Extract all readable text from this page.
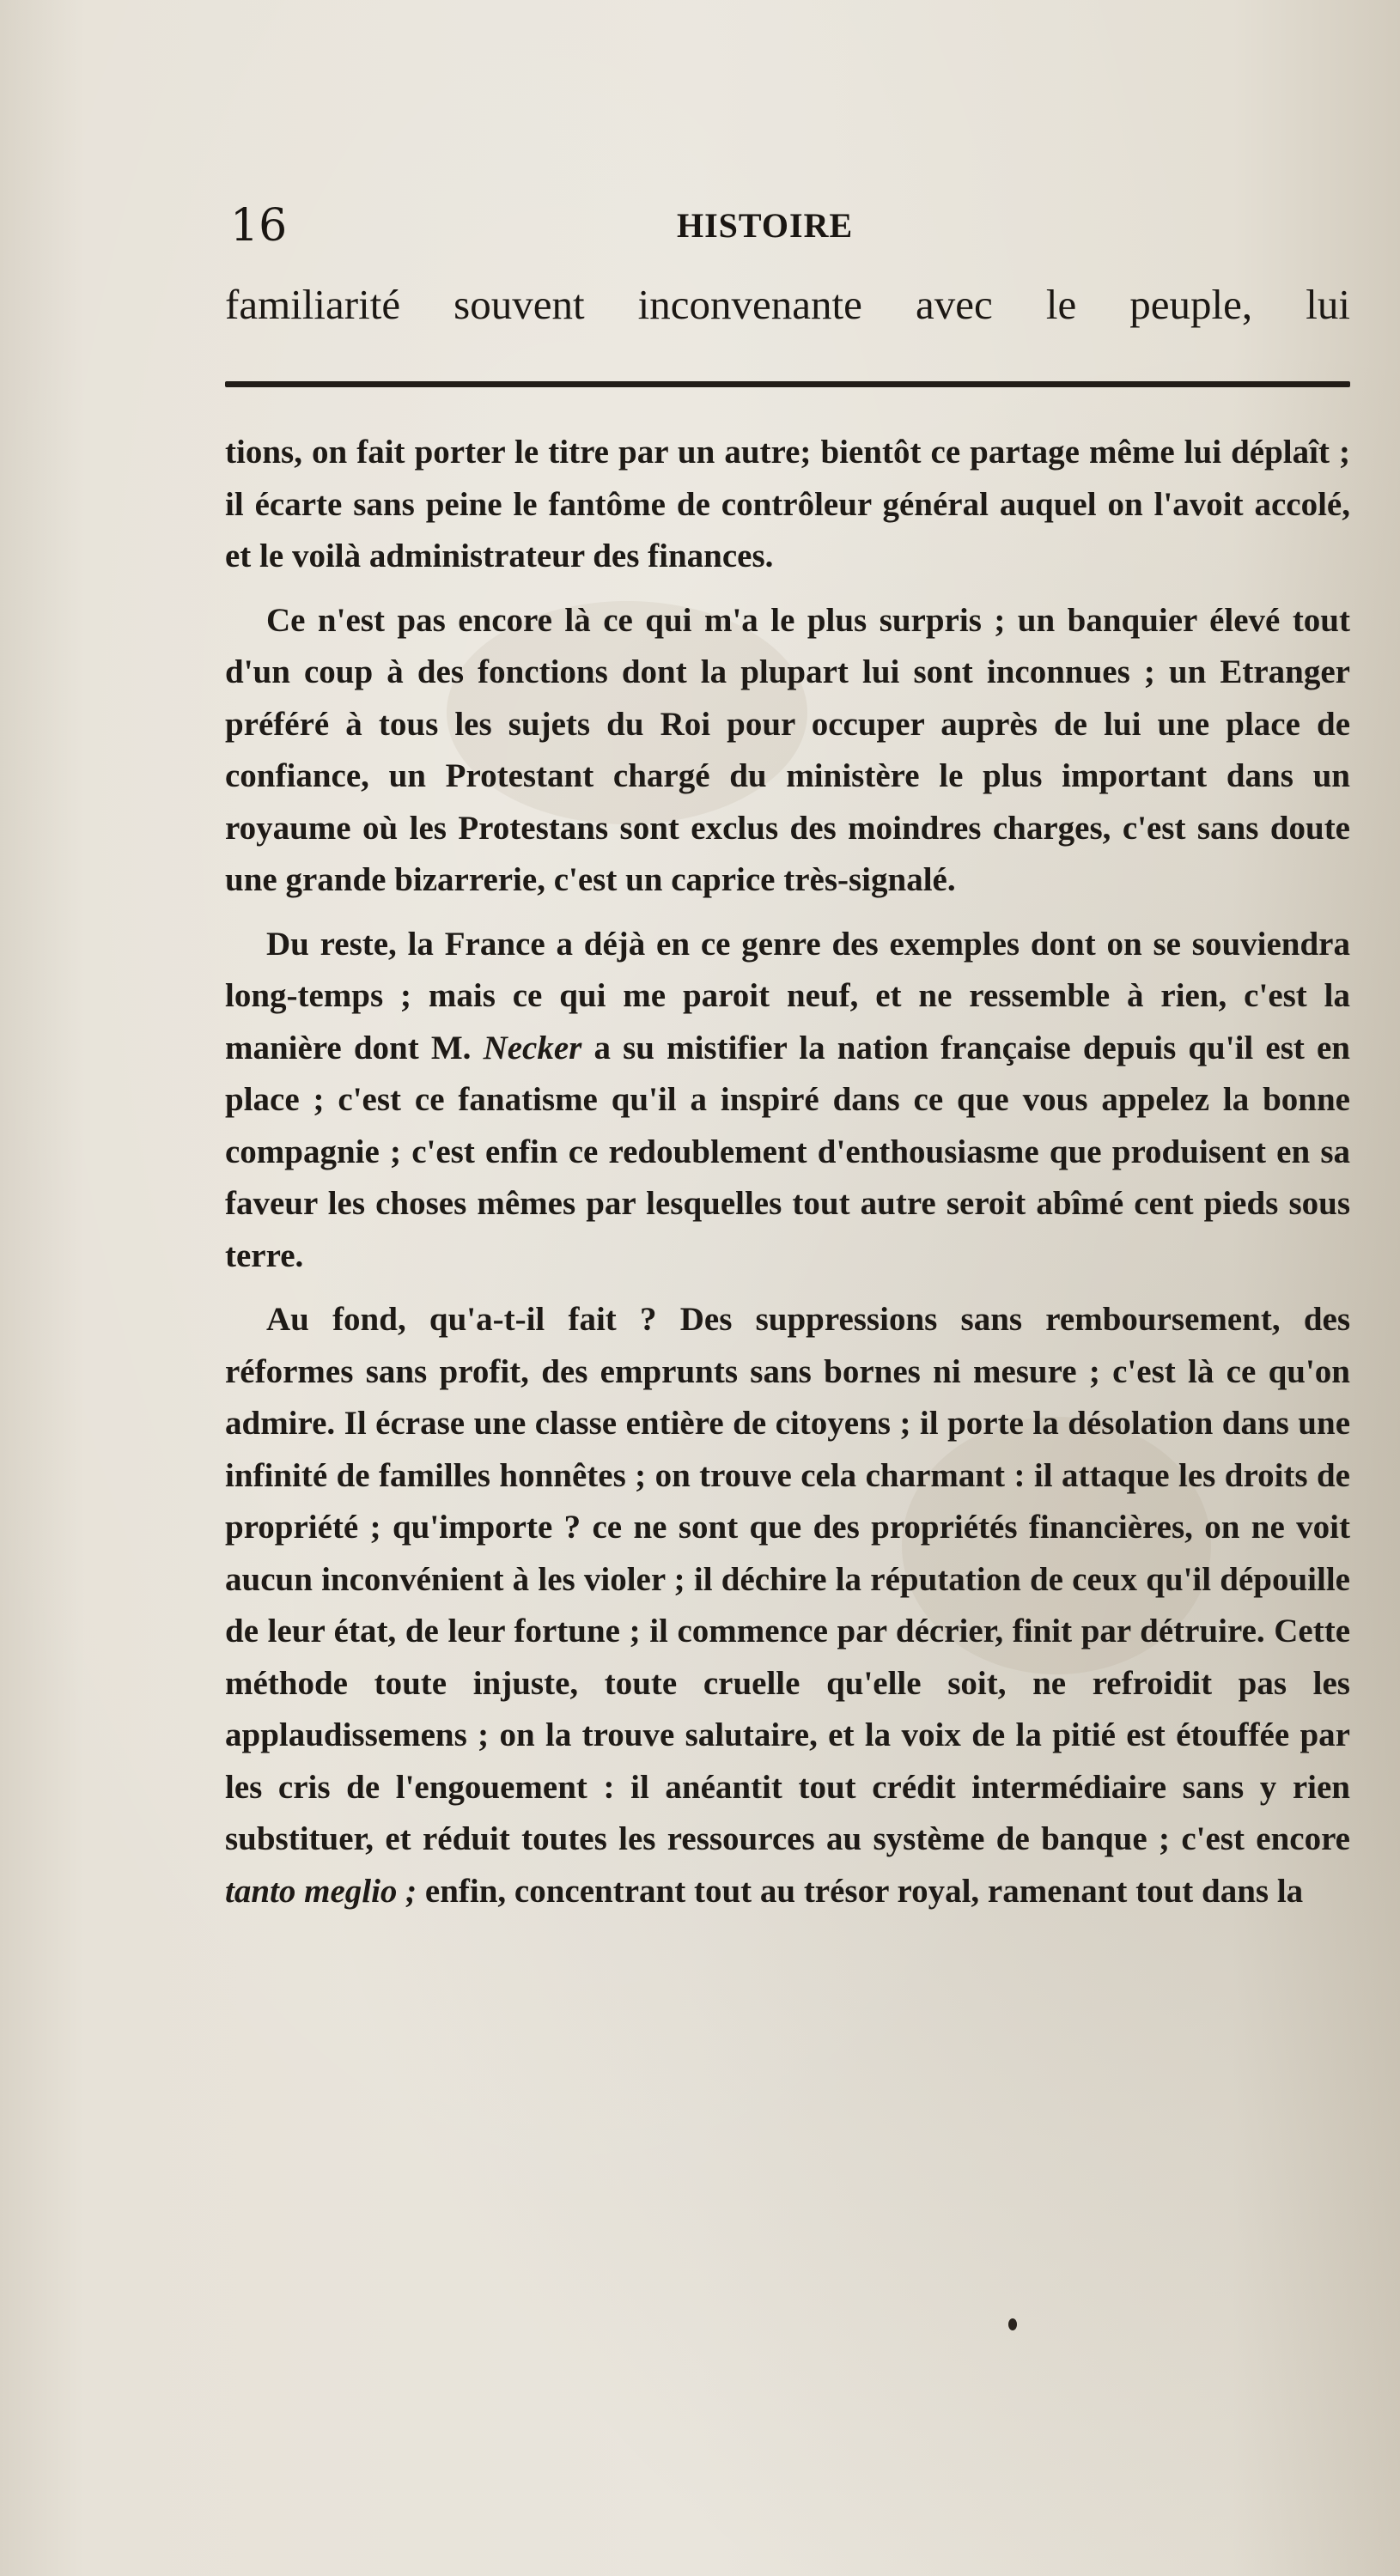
16	HISTOIRE
familiarité souvent inconvenante avec le peuple, lui

tions, on fait porter le titre par un autre; bientôt ce partage même lui déplaît ; il écarte sans peine le fantôme de contrôleur général auquel on l'avoit accolé, et le voilà administrateur des finances.

Ce n'est pas encore là ce qui m'a le plus surpris ; un banquier élevé tout d'un coup à des fonctions dont la plupart lui sont inconnues ; un Etranger préféré à tous les sujets du Roi pour occuper auprès de lui une place de confiance, un Protestant chargé du ministère le plus important dans un royaume où les Protestans sont exclus des moindres charges, c'est sans doute une grande bizarrerie, c'est un caprice très-signalé.

Du reste, la France a déjà en ce genre des exemples dont on se souviendra long-temps ; mais ce qui me paroit neuf, et ne ressemble à rien, c'est la manière dont M. Necker a su mistifier la nation française depuis qu'il est en place ; c'est ce fanatisme qu'il a inspiré dans ce que vous appelez la bonne compagnie ; c'est enfin ce redoublement d'enthousiasme que produisent en sa faveur les choses mêmes par lesquelles tout autre seroit abîmé cent pieds sous terre.

Au fond, qu'a-t-il fait ? Des suppressions sans remboursement, des réformes sans profit, des emprunts sans bornes ni mesure ; c'est là ce qu'on admire. Il écrase une classe entière de citoyens ; il porte la désolation dans une infinité de familles honnêtes ; on trouve cela charmant : il attaque les droits de propriété ; qu'importe ? ce ne sont que des propriétés financières, on ne voit aucun inconvénient à les violer ; il déchire la réputation de ceux qu'il dépouille de leur état, de leur fortune ; il commence par décrier, finit par détruire. Cette méthode toute injuste, toute cruelle qu'elle soit, ne refroidit pas les applaudissemens ; on la trouve salutaire, et la voix de la pitié est étouffée par les cris de l'engouement : il anéantit tout crédit intermédiaire sans y rien substituer, et réduit toutes les ressources au système de banque ; c'est encore tanto meglio ; enfin, concentrant tout au trésor royal, ramenant tout dans la
